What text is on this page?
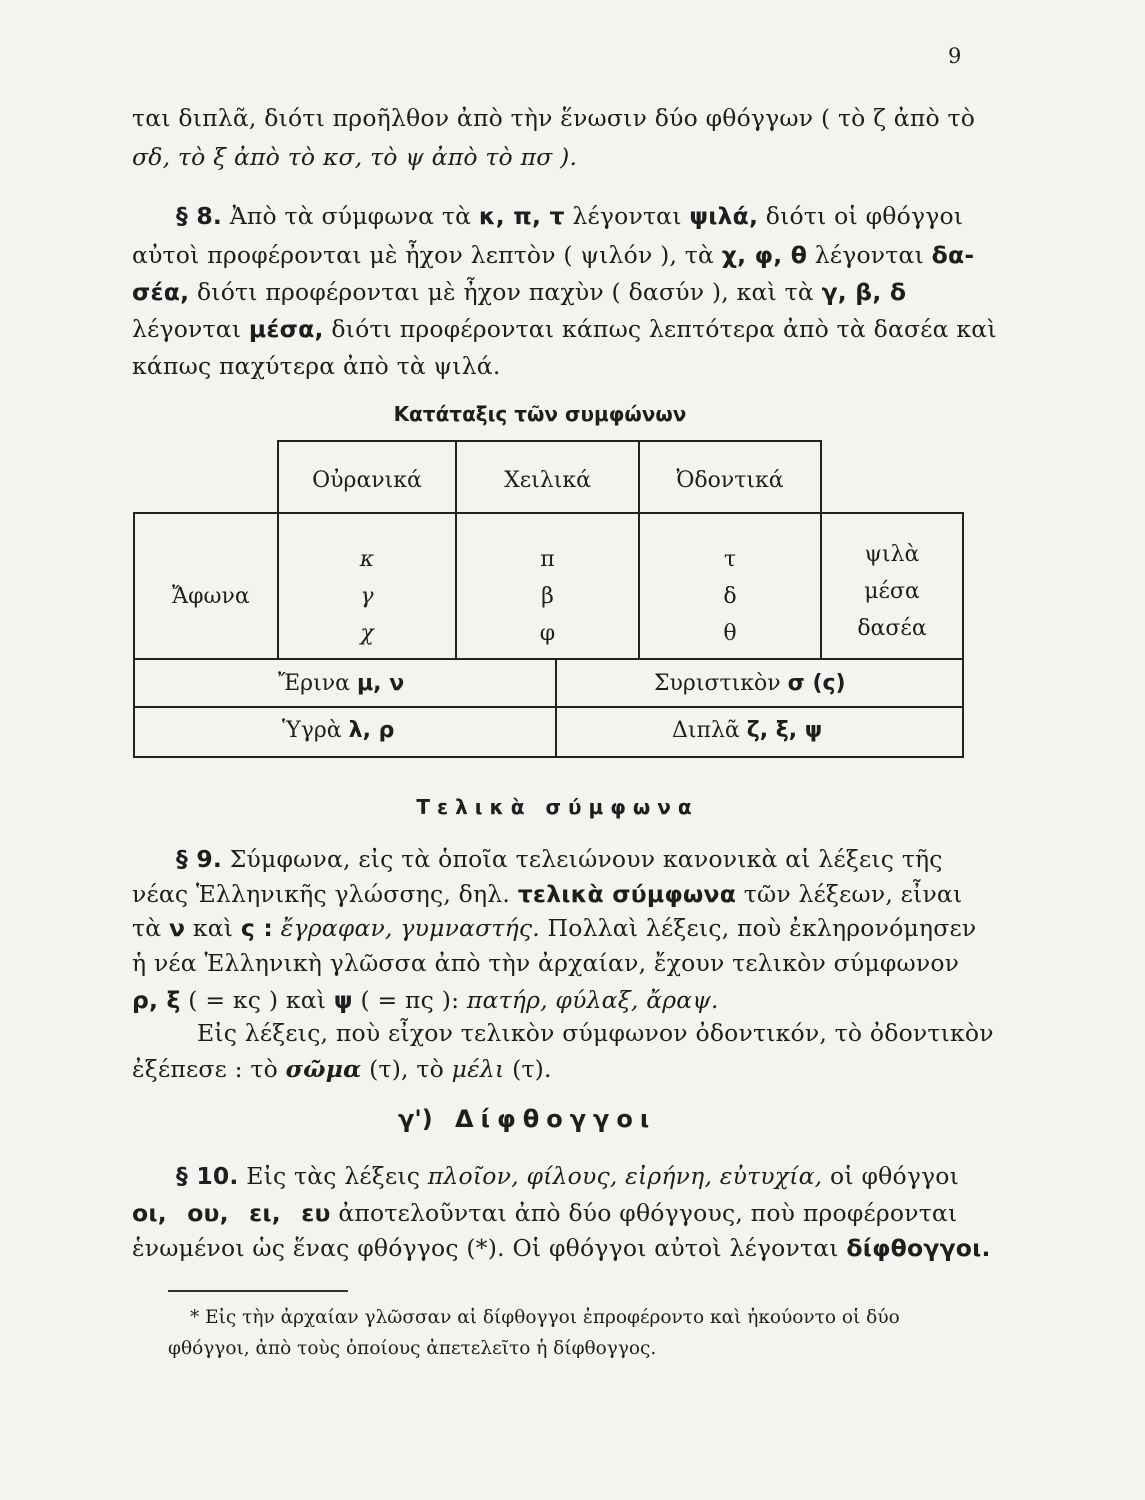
9
ται διπλᾶ, διότι προῆλθον ἀπὸ τὴν ἕνωσιν δύο φθόγγων ( τὸ ζ ἀπὸ τὸ
σδ, τὸ ξ ἀπὸ τὸ κσ, τὸ ψ ἀπὸ τὸ πσ ).
§ 8. Ἀπὸ τὰ σύμφωνα τὰ κ, π, τ λέγονται ψιλά, διότι οἱ φθόγγοι
αὐτοὶ προφέρονται μὲ ἦχον λεπτὸν ( ψιλόν ), τὰ χ, φ, θ λέγονται δα-
σέα, διότι προφέρονται μὲ ἦχον παχὺν ( δασύν ), καὶ τὰ γ, β, δ
λέγονται μέσα, διότι προφέρονται κάπως λεπτότερα ἀπὸ τὰ δασέα καὶ
κάπως παχύτερα ἀπὸ τὰ ψιλά.
Κατάταξις τῶν συμφώνων
Οὐρανικά	Χειλικά	Ὀδοντικά
Ἄφωνα
κ
γ
χ
π
β
φ
τ
δ
θ
ψιλὰ
μέσα
δασέα
Ἔρινα μ, ν
Ὑγρὰ λ, ρ
Συριστικὸν σ (ς)
Διπλᾶ ζ, ξ, ψ
Τελικὰ σύμφωνα
§ 9. Σύμφωνα, εἰς τὰ ὁποῖα τελειώνουν κανονικὰ αἱ λέξεις τῆς
νέας Ἑλληνικῆς γλώσσης, δηλ. τελικὰ σύμφωνα τῶν λέξεων, εἶναι
τὰ ν καὶ ς : ἔγραφαν, γυμναστής. Πολλαὶ λέξεις, ποὺ ἐκληρονόμησεν
ἡ νέα Ἑλληνικὴ γλῶσσα ἀπὸ τὴν ἀρχαίαν, ἔχουν τελικὸν σύμφωνον
ρ, ξ ( = κς ) καὶ ψ ( = πς ): πατήρ, φύλαξ, ἄραψ.
Εἰς λέξεις, ποὺ εἶχον τελικὸν σύμφωνον ὀδοντικόν, τὸ ὀδοντικὸν
ἐξέπεσε : τὸ σῶμα (τ), τὸ μέλι (τ).
γ') Δίφθογγοι
§ 10. Εἰς τὰς λέξεις πλοῖον, φίλους, εἰρήνη, εὐτυχία, οἱ φθόγγοι
οι, ου, ει, ευ ἀποτελοῦνται ἀπὸ δύο φθόγγους, ποὺ προφέρονται
ἑνωμένοι ὡς ἕνας φθόγγος (*). Οἱ φθόγγοι αὐτοὶ λέγονται δίφθογγοι.
* Εἰς τὴν ἀρχαίαν γλῶσσαν αἱ δίφθογγοι ἐπροφέροντο καὶ ἠκούοντο οἱ δύο
φθόγγοι, ἀπὸ τοὺς ὁποίους ἀπετελεῖτο ἡ δίφθογγος.
